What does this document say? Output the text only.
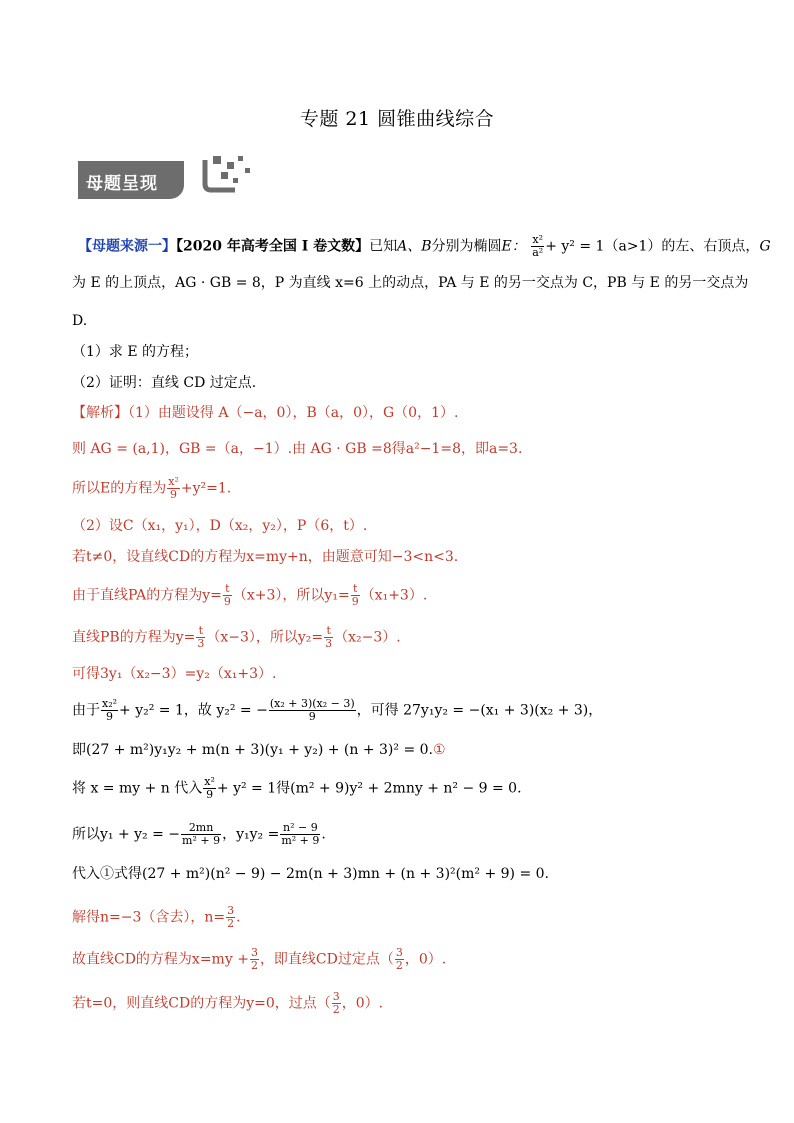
专题 21 圆锥曲线综合
母题呈现
【母题来源一】【2020 年高考全国 I 卷文数】已知A、B分别为椭圆E： $\frac{\text{x²}}{\text{a²}} + y^2 = 1(a>1)$的左、右顶点，G
为 E 的上顶点，AG · GB = 8，P 为直线 x=6 上的动点，PA 与 E 的另一交点为 C，PB 与 E 的另一交点为
D.
（1）求 E 的方程；
（2）证明：直线 CD 过定点.
【解析】（1）由题设得 A（−a，0），B（a，0），G（0，1）.
则 AG = (a,1)，GB =（a，−1）.由 AG · GB =8得a²−1=8，即a=3.
所以E的方程为 $\frac{\text{x²}}{9} +y^2=1$.
（2）设C（x₁，y₁），D（x₂，y₂），P（6，t）.
若t≠0，设直线CD的方程为x=my+n，由题意可知−3<n<3.
由于直线PA的方程为$y= \frac{t}{9} (x+3)$，所以$y_1= \frac{t}{9} (x_1+3)$.
直线PB的方程为$y= \frac{t}{3} (x-3)$，所以$y_2= \frac{t}{3} (x_2-3)$.
可得3y₁（x₂−3）=y₂（x₁+3）.
由于 $\frac{\text{x₂²}}{9} + y_2^2 = 1$，故 y₂² = − $\frac{\text{(x₂ + 3)(x₂ − 3)}}{9}$ ，可得 27y₁y₂ = −(x₁ + 3)(x₂ + 3)，
即(27 + m²)y₁y₂ + m(n + 3)(y₁ + y₂) + (n + 3)² = 0.①
将 x = my + n 代入 $\frac{\text{x²}}{9} + y^2 = 1$得(m² + 9)y² + 2mny + n² − 9 = 0.
所以y₁ + y₂ = − $\frac{2mn}{\text{m² + 9}}$ ，$y_1y_2 = \frac{\text{n² − 9}}{\text{m² + 9}}$ .
代入①式得(27 + m²)(n² − 9) − 2m(n + 3)mn + (n + 3)²(m² + 9) = 0.
解得n=−3（含去），$n= \frac{3}{2}$ .
故直线CD的方程为$x=my + \frac{3}{2}$ ，即直线CD过定点（ $\frac{3}{2}$ ，0）.
若t=0，则直线CD的方程为y=0，过点（ $\frac{3}{2}$ ，0）.
